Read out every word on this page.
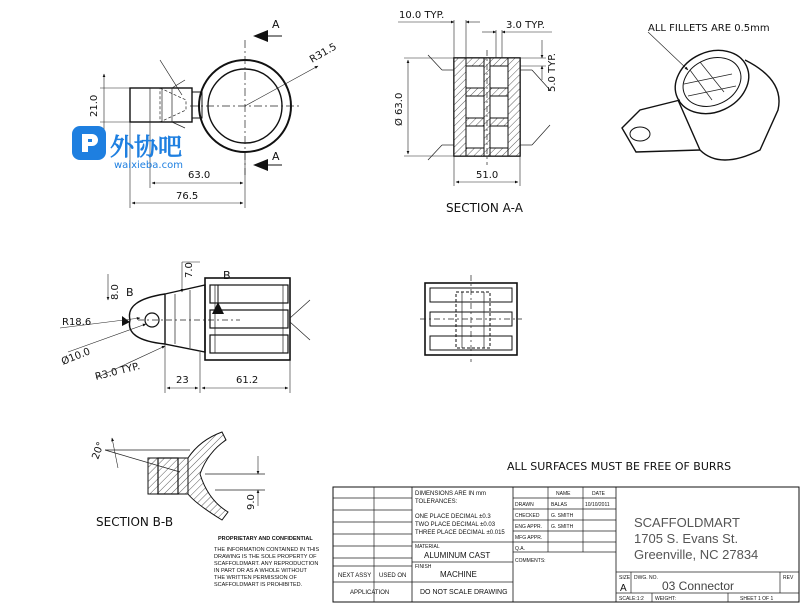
21.0
R31.5
A
A
63.0
76.5
外协吧
waixieba.com
10.0 TYP.
3.0 TYP.
5.0 TYP.
Ø 63.0
51.0
SECTION A-A
ALL FILLETS ARE 0.5mm
B
B
8.0
7.0
R18.6
Ø10.0
R3.0 TYP.	23	61.2
20°
9.0
SECTION B-B
ALL SURFACES MUST BE FREE OF BURRS
NEXT ASSY USED ON
APPLICATION
DIMENSIONS ARE IN mm
TOLERANCES:
ONE PLACE DECIMAL ±0.3
TWO PLACE DECIMAL ±0.03
THREE PLACE DECIMAL ±0.015
MATERIAL
ALUMINUM CAST
FINISH
MACHINE
DO NOT SCALE DRAWING
NAME	DATE
DRAWN	BALAS	10/10/2011
CHECKED G. SMITH
ENG APPR. G. SMITH
MFG APPR.
Q.A.
COMMENTS:
SCAFFOLDMART
1705 S. Evans St.
Greenville, NC 27834
SIZE
A
DWG. NO.
03 Connector
REV
SCALE:1:2 WEIGHT:	SHEET 1 OF 1
PROPRIETARY AND CONFIDENTIAL
THE INFORMATION CONTAINED IN THIS
DRAWING IS THE SOLE PROPERTY OF
SCAFFOLDMART. ANY REPRODUCTION
IN PART OR AS A WHOLE WITHOUT
THE WRITTEN PERMISSION OF
SCAFFOLDMART IS PROHIBITED.
